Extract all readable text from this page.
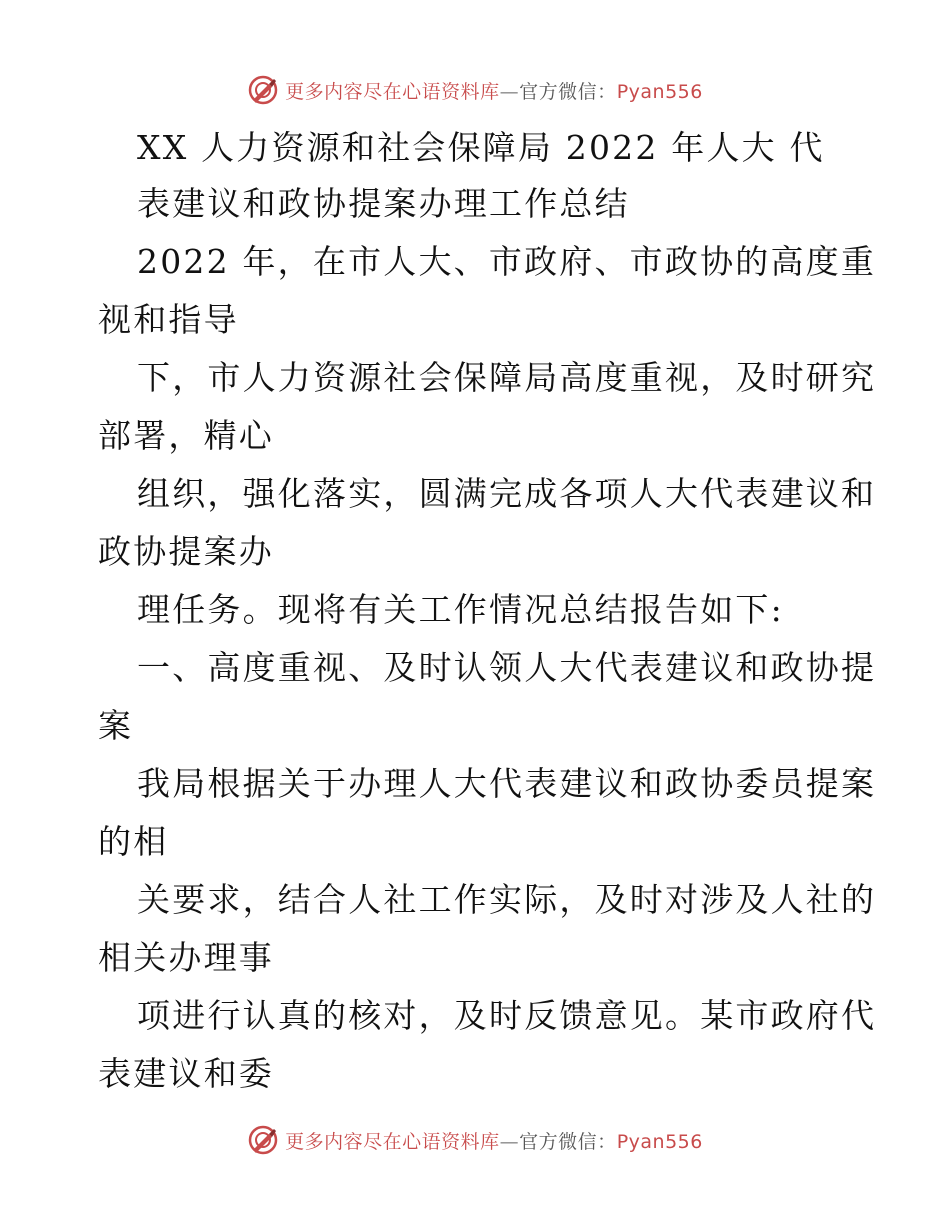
更多内容尽在心语资料库—官方微信：Pyan556
XX 人力资源和社会保障局 2022 年人大 代
表建议和政协提案办理工作总结
2022 年，在市人大、市政府、市政协的高度重
视和指导
下，市人力资源社会保障局高度重视，及时研究
部署，精心
组织，强化落实，圆满完成各项人大代表建议和
政协提案办
理任务。现将有关工作情况总结报告如下:
一、高度重视、及时认领人大代表建议和政协提
案
我局根据关于办理人大代表建议和政协委员提案
的相
关要求，结合人社工作实际，及时对涉及人社的
相关办理事
项进行认真的核对，及时反馈意见。某市政府代
表建议和委
更多内容尽在心语资料库—官方微信：Pyan556
